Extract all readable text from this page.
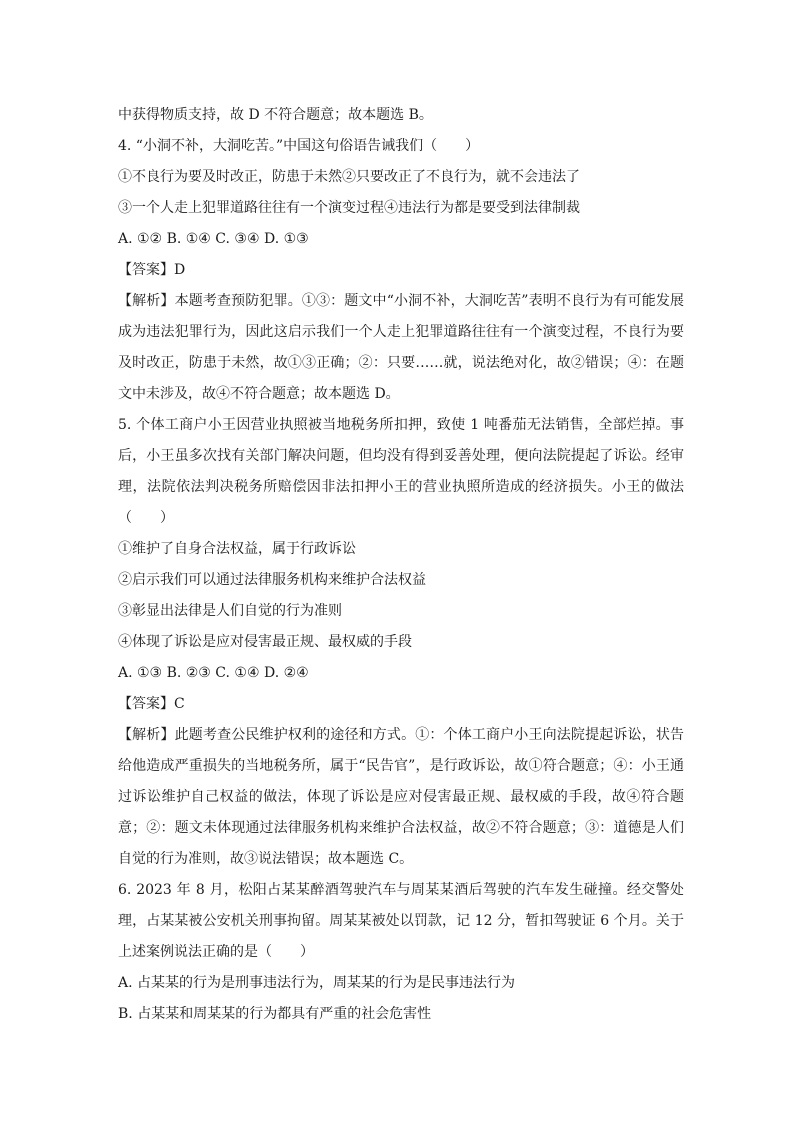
中获得物质支持，故 D 不符合题意；故本题选 B。
4. “小洞不补，大洞吃苦。”中国这句俗语告诫我们（　　）
①不良行为要及时改正，防患于未然②只要改正了不良行为，就不会违法了
③一个人走上犯罪道路往往有一个演变过程④违法行为都是要受到法律制裁
A. ①② B. ①④ C. ③④ D. ①③
【答案】D
【解析】本题考查预防犯罪。①③：题文中“小洞不补，大洞吃苦”表明不良行为有可能发展成为违法犯罪行为，因此这启示我们一个人走上犯罪道路往往有一个演变过程，不良行为要及时改正，防患于未然，故①③正确；②：只要……就，说法绝对化，故②错误；④：在题文中未涉及，故④不符合题意；故本题选 D。
5. 个体工商户小王因营业执照被当地税务所扣押，致使 1 吨番茄无法销售，全部烂掉。事后，小王虽多次找有关部门解决问题，但均没有得到妥善处理，便向法院提起了诉讼。经审理，法院依法判决税务所赔偿因非法扣押小王的营业执照所造成的经济损失。小王的做法（　　）
①维护了自身合法权益，属于行政诉讼
②启示我们可以通过法律服务机构来维护合法权益
③彰显出法律是人们自觉的行为准则
④体现了诉讼是应对侵害最正规、最权威的手段
A. ①③ B. ②③ C. ①④ D. ②④
【答案】C
【解析】此题考查公民维护权利的途径和方式。①：个体工商户小王向法院提起诉讼，状告给他造成严重损失的当地税务所，属于“民告官”，是行政诉讼，故①符合题意；④：小王通过诉讼维护自己权益的做法，体现了诉讼是应对侵害最正规、最权威的手段，故④符合题意；②：题文未体现通过法律服务机构来维护合法权益，故②不符合题意；③：道德是人们自觉的行为准则，故③说法错误；故本题选 C。
6. 2023 年 8 月，松阳占某某醉酒驾驶汽车与周某某酒后驾驶的汽车发生碰撞。经交警处理，占某某被公安机关刑事拘留。周某某被处以罚款，记 12 分，暂扣驾驶证 6 个月。关于上述案例说法正确的是（　　）
A. 占某某的行为是刑事违法行为，周某某的行为是民事违法行为
B. 占某某和周某某的行为都具有严重的社会危害性
